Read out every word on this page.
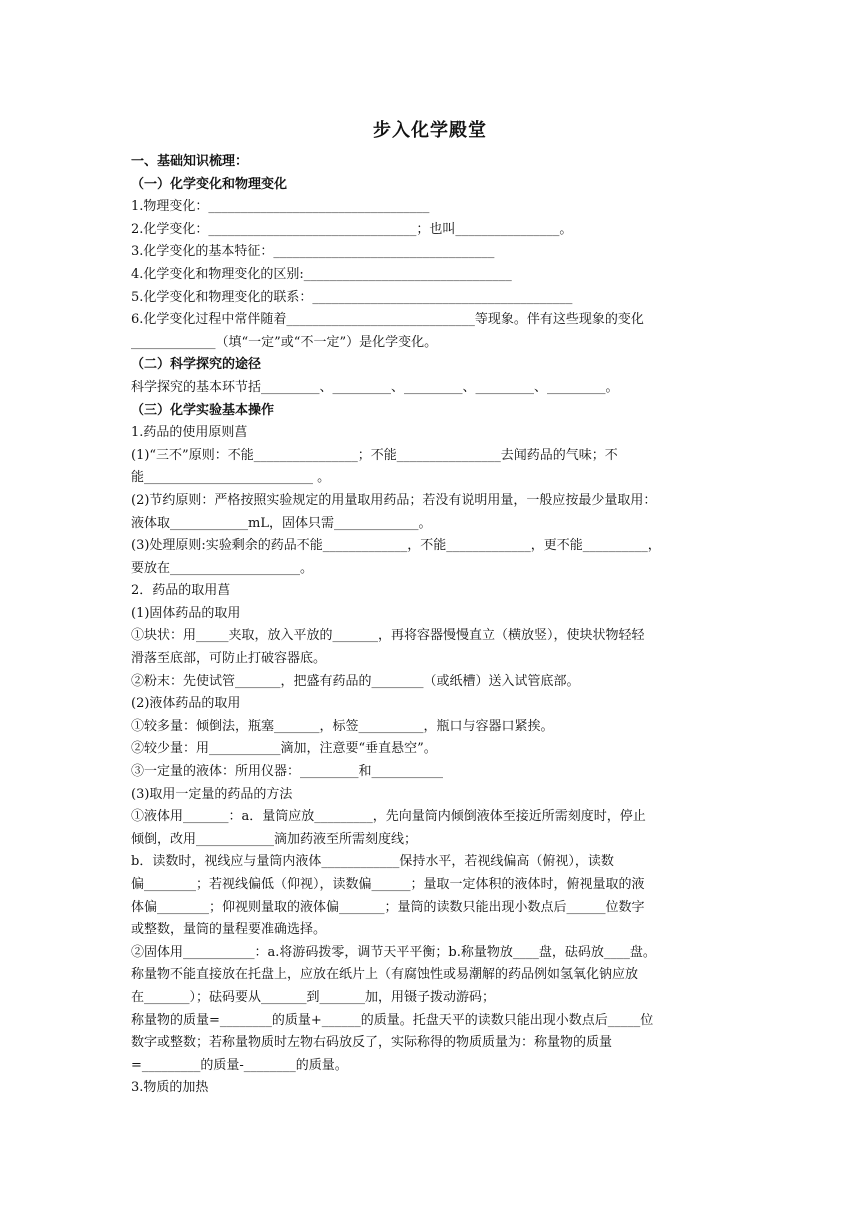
步入化学殿堂
一、基础知识梳理：
（一）化学变化和物理变化
1.物理变化：__________________________________
2.化学变化：________________________________；也叫________________。
3.化学变化的基本特征：__________________________________
4.化学变化和物理变化的区别:________________________________
5.化学变化和物理变化的联系：________________________________________
6.化学变化过程中常伴随着_____________________________等现象。伴有这些现象的变化
_____________（填“一定”或“不一定”）是化学变化。
（二）科学探究的途径
科学探究的基本环节括_________、_________、_________、_________、_________。
（三）化学实验基本操作
1.药品的使用原则菖
(1)“三不”原则：不能________________；不能________________去闻药品的气味；不
能__________________________ 。
(2)节约原则：严格按照实验规定的用量取用药品；若没有说明用量，一般应按最少量取用：
液体取____________mL，固体只需_____________。
(3)处理原则:实验剩余的药品不能_____________，不能_____________，更不能__________，
要放在____________________。
2．药品的取用菖
(1)固体药品的取用
①块状：用_____夹取，放入平放的_______，再将容器慢慢直立（横放竖），使块状物轻轻
滑落至底部，可防止打破容器底。
②粉末：先使试管_______，把盛有药品的________（或纸槽）送入试管底部。
(2)液体药品的取用
①较多量：倾倒法，瓶塞_______，标签__________，瓶口与容器口紧挨。
②较少量：用___________滴加，注意要“垂直悬空”。
③一定量的液体：所用仪器：_________和___________
(3)取用一定量的药品的方法
①液体用_______：a．量筒应放_________，先向量筒内倾倒液体至接近所需刻度时，停止
倾倒，改用____________滴加药液至所需刻度线；
b．读数时，视线应与量筒内液体____________保持水平，若视线偏高（俯视），读数
偏________；若视线偏低（仰视），读数偏______；量取一定体积的液体时，俯视量取的液
体偏________；仰视则量取的液体偏_______；量筒的读数只能出现小数点后______位数字
或整数，量筒的量程要准确选择。
②固体用___________：a.将游码拨零，调节天平平衡；b.称量物放____盘，砝码放____盘。
称量物不能直接放在托盘上，应放在纸片上（有腐蚀性或易潮解的药品例如氢氧化钠应放
在_______）；砝码要从_______到_______加，用镊子拨动游码；
称量物的质量=________的质量+______的质量。托盘天平的读数只能出现小数点后_____位
数字或整数；若称量物质时左物右码放反了，实际称得的物质质量为：称量物的质量
=_________的质量-________的质量。
3.物质的加热
